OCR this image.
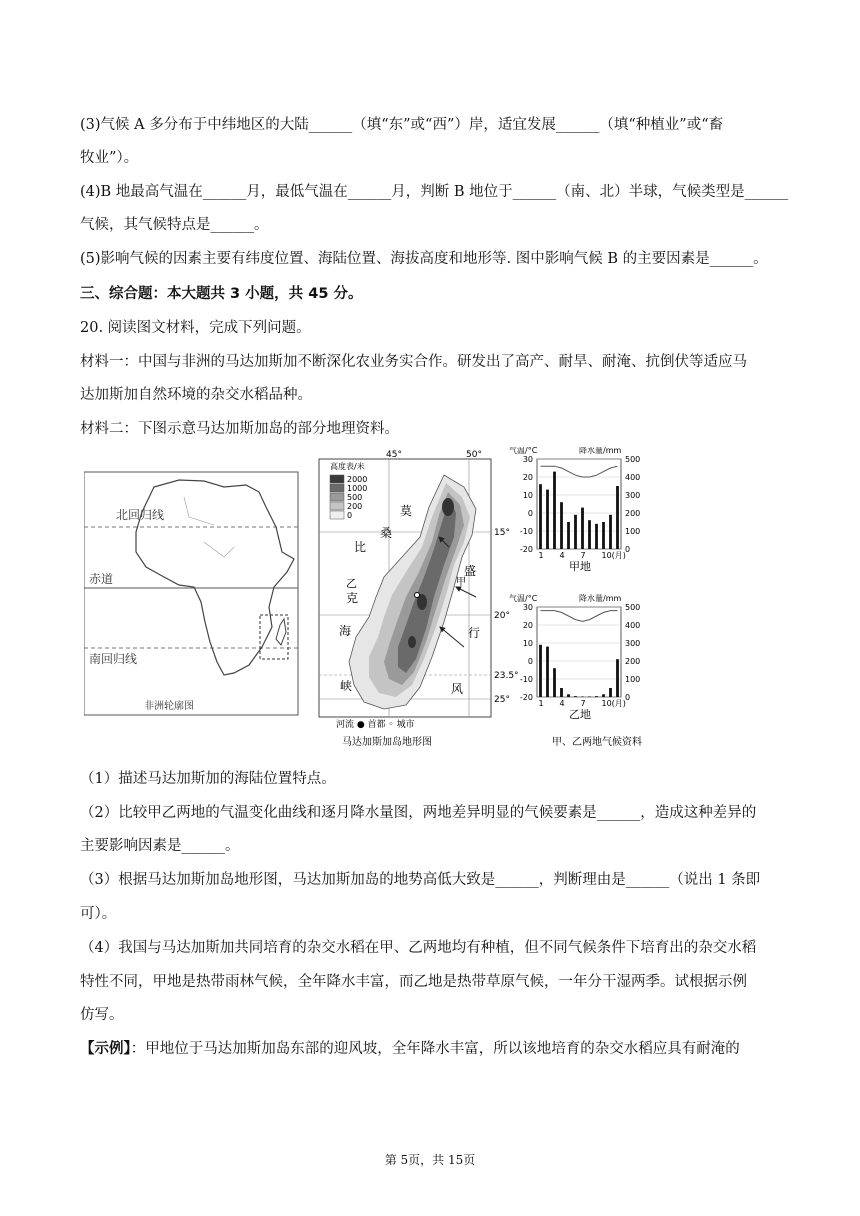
(3)气候 A 多分布于中纬地区的大陆______（填“东”或“西”）岸，适宜发展______（填“种植业”或“畜
牧业”）。
(4)B 地最高气温在______月，最低气温在______月，判断 B 地位于______（南、北）半球，气候类型是______
气候，其气候特点是______。
(5)影响气候的因素主要有纬度位置、海陆位置、海拔高度和地形等. 图中影响气候 B 的主要因素是______。
三、综合题：本大题共 3 小题，共 45 分。
20. 阅读图文材料，完成下列问题。
材料一：中国与非洲的马达加斯加不断深化农业务实合作。研发出了高产、耐旱、耐淹、抗倒伏等适应马
达加斯加自然环境的杂交水稻品种。
材料二：下图示意马达加斯加岛的部分地理资料。
北回归线
赤道
南回归线
非洲轮廓图
45°	50°
15°
20°
23.5°
25°
高度表/米
2000
1000
500
200
0	莫
桑
比
克
海
峡
盛
行
风
甲
乙
河流 ● 首都 ◦ 城市
马达加斯加岛地形图
气温/°C	降水量/mm
30
20
10
0
-10
-20
500
400
300
200
100
0
1 4 7 10(月)
甲地
气温/°C	降水量/mm
30
20
10
0
-10
-20
500
400
300
200
100
0
1 4 7 10(月)
乙地
甲、乙两地气候资料
（1）描述马达加斯加的海陆位置特点。
（2）比较甲乙两地的气温变化曲线和逐月降水量图，两地差异明显的气候要素是______，造成这种差异的
主要影响因素是______。
（3）根据马达加斯加岛地形图，马达加斯加岛的地势高低大致是______，判断理由是______（说出 1 条即
可）。
（4）我国与马达加斯加共同培育的杂交水稻在甲、乙两地均有种植，但不同气候条件下培育出的杂交水稻
特性不同，甲地是热带雨林气候，全年降水丰富，而乙地是热带草原气候，一年分干湿两季。试根据示例
仿写。
【示例】：甲地位于马达加斯加岛东部的迎风坡，全年降水丰富，所以该地培育的杂交水稻应具有耐淹的
第 5页，共 15页
